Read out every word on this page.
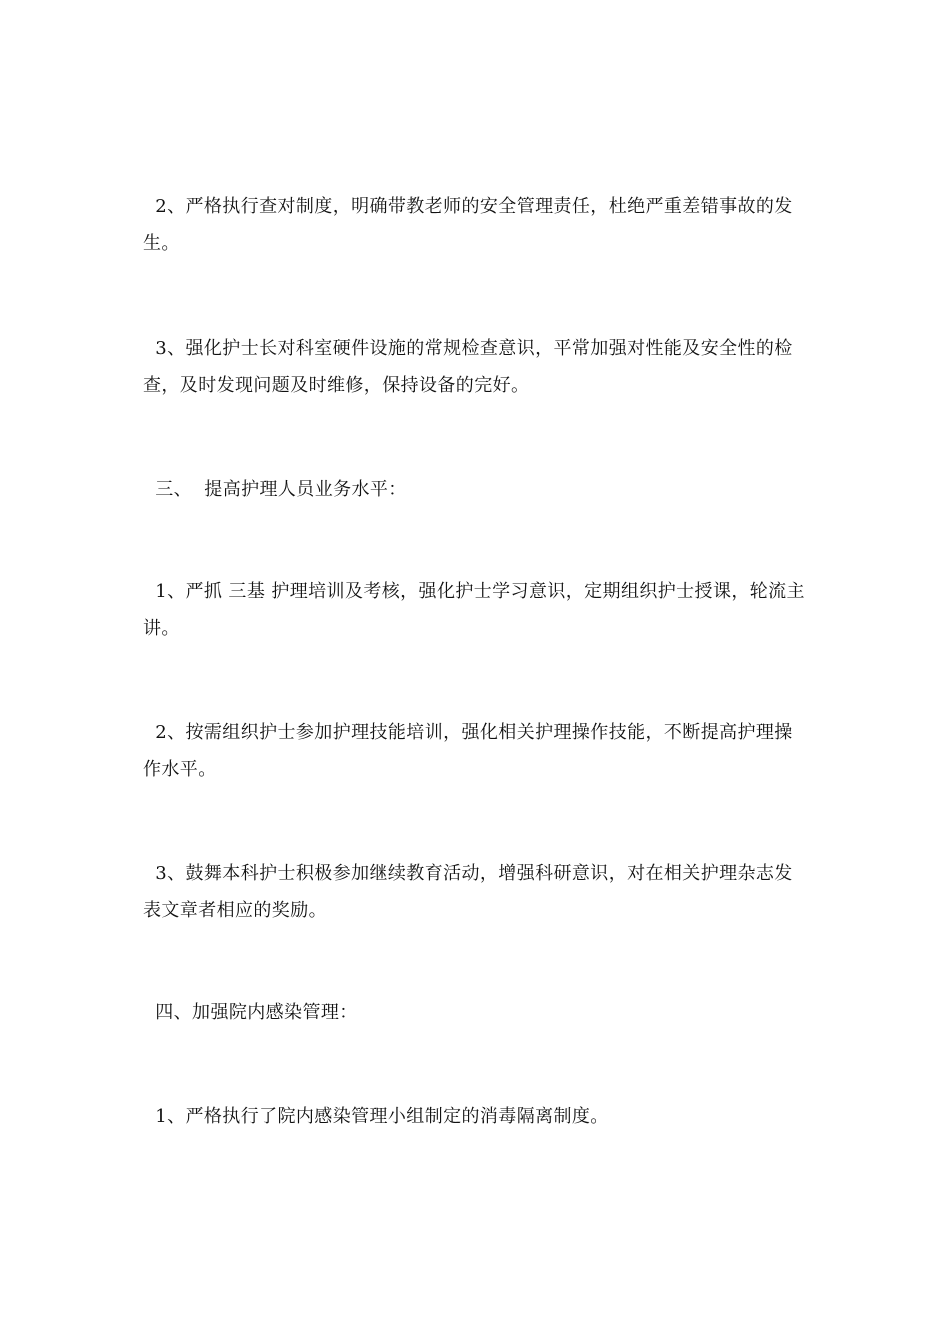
2、严格执行查对制度，明确带教老师的安全管理责任，杜绝严重差错事故的发生。

3、强化护士长对科室硬件设施的常规检查意识，平常加强对性能及安全性的检查，及时发现问题及时维修，保持设备的完好。

三、  提高护理人员业务水平：

1、严抓 三基 护理培训及考核，强化护士学习意识，定期组织护士授课，轮流主讲。

2、按需组织护士参加护理技能培训，强化相关护理操作技能，不断提高护理操作水平。

3、鼓舞本科护士积极参加继续教育活动，增强科研意识，对在相关护理杂志发表文章者相应的奖励。

四、加强院内感染管理：

1、严格执行了院内感染管理小组制定的消毒隔离制度。
